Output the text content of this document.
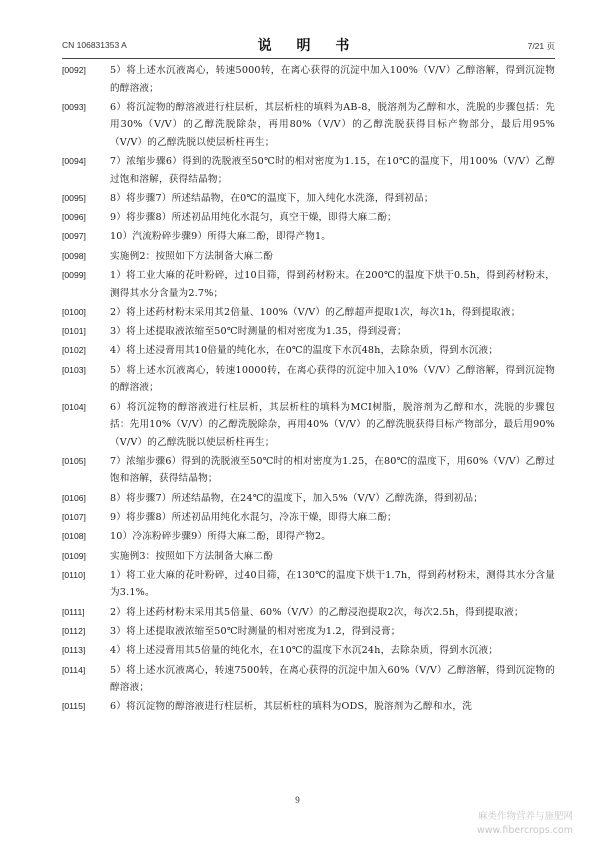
CN 106831353 A	说 明 书	7/21 页
[0092]	5）将上述水沉液离心，转速5000转，在离心获得的沉淀中加入100%（V/V）乙醇溶解，得到沉淀物的醇溶液；
[0093]	6）将沉淀物的醇溶液进行柱层析，其层析柱的填料为AB-8，脱溶剂为乙醇和水，洗脱的步骤包括：先用30%（V/V）的乙醇洗脱除杂，再用80%（V/V）的乙醇洗脱获得目标产物部分，最后用95%（V/V）的乙醇洗脱以使层析柱再生；
[0094]	7）浓缩步骤6）得到的洗脱液至50℃时的相对密度为1.15，在10℃的温度下，用100%（V/V）乙醇过饱和溶解，获得结晶物；
[0095]	8）将步骤7）所述结晶物，在0℃的温度下，加入纯化水洗涤，得到初品；
[0096]	9）将步骤8）所述初品用纯化水混匀，真空干燥，即得大麻二酚；
[0097]	10）汽流粉碎步骤9）所得大麻二酚，即得产物1。
[0098]	实施例2：按照如下方法制备大麻二酚
[0099]	1）将工业大麻的花叶粉碎，过10目筛，得到药材粉末。在200℃的温度下烘干0.5h，得到药材粉末，测得其水分含量为2.7%；
[0100]	2）将上述药材粉末采用其2倍量、100%（V/V）的乙醇超声提取1次，每次1h，得到提取液；
[0101]	3）将上述提取液浓缩至50℃时测量的相对密度为1.35，得到浸膏；
[0102]	4）将上述浸膏用其10倍量的纯化水，在0℃的温度下水沉48h，去除杂质，得到水沉液；
[0103]	5）将上述水沉液离心，转速10000转，在离心获得的沉淀中加入10%（V/V）乙醇溶解，得到沉淀物的醇溶液；
[0104]	6）将沉淀物的醇溶液进行柱层析，其层析柱的填料为MCI树脂，脱溶剂为乙醇和水，洗脱的步骤包括：先用10%（V/V）的乙醇洗脱除杂，再用40%（V/V）的乙醇洗脱获得目标产物部分，最后用90%（V/V）的乙醇洗脱以使层析柱再生；
[0105]	7）浓缩步骤6）得到的洗脱液至50℃时的相对密度为1.25，在80℃的温度下，用60%（V/V）乙醇过饱和溶解，获得结晶物；
[0106]	8）将步骤7）所述结晶物，在24℃的温度下，加入5%（V/V）乙醇洗涤，得到初品；
[0107]	9）将步骤8）所述初品用纯化水混匀，冷冻干燥，即得大麻二酚；
[0108]	10）冷冻粉碎步骤9）所得大麻二酚，即得产物2。
[0109]	实施例3：按照如下方法制备大麻二酚
[0110]	1）将工业大麻的花叶粉碎，过40目筛，在130℃的温度下烘干1.7h，得到药材粉末，测得其水分含量为3.1%。
[0111]	2）将上述药材粉末采用其5倍量、60%（V/V）的乙醇浸泡提取2次，每次2.5h，得到提取液；
[0112]	3）将上述提取液浓缩至50℃时测量的相对密度为1.2，得到浸膏；
[0113]	4）将上述浸膏用其5倍量的纯化水，在10℃的温度下水沉24h，去除杂质，得到水沉液；
[0114]	5）将上述水沉液离心，转速7500转，在离心获得的沉淀中加入60%（V/V）乙醇溶解，得到沉淀物的醇溶液；
[0115]	6）将沉淀物的醇溶液进行柱层析，其层析柱的填料为ODS，脱溶剂为乙醇和水，洗
9
麻类作物营养与施肥网
www.fibercrops.com
